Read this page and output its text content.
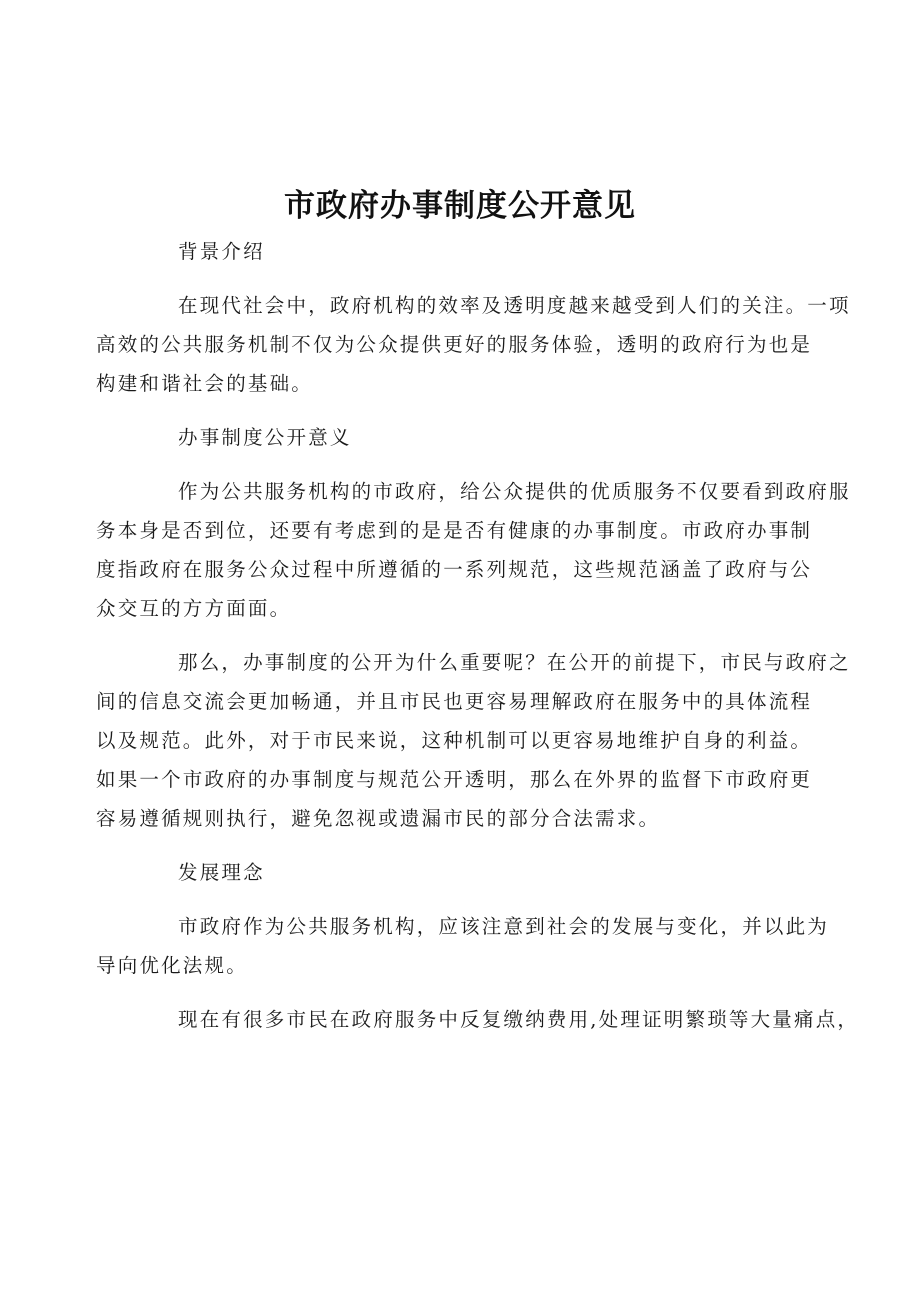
市政府办事制度公开意见
背景介绍
在现代社会中，政府机构的效率及透明度越来越受到人们的关注。一项
高效的公共服务机制不仅为公众提供更好的服务体验，透明的政府行为也是
构建和谐社会的基础。
办事制度公开意义
作为公共服务机构的市政府，给公众提供的优质服务不仅要看到政府服
务本身是否到位，还要有考虑到的是是否有健康的办事制度。市政府办事制
度指政府在服务公众过程中所遵循的一系列规范，这些规范涵盖了政府与公
众交互的方方面面。
那么，办事制度的公开为什么重要呢？在公开的前提下，市民与政府之
间的信息交流会更加畅通，并且市民也更容易理解政府在服务中的具体流程
以及规范。此外，对于市民来说，这种机制可以更容易地维护自身的利益。
如果一个市政府的办事制度与规范公开透明，那么在外界的监督下市政府更
容易遵循规则执行，避免忽视或遗漏市民的部分合法需求。
发展理念
市政府作为公共服务机构，应该注意到社会的发展与变化，并以此为
导向优化法规。
现在有很多市民在政府服务中反复缴纳费用,处理证明繁琐等大量痛点，
